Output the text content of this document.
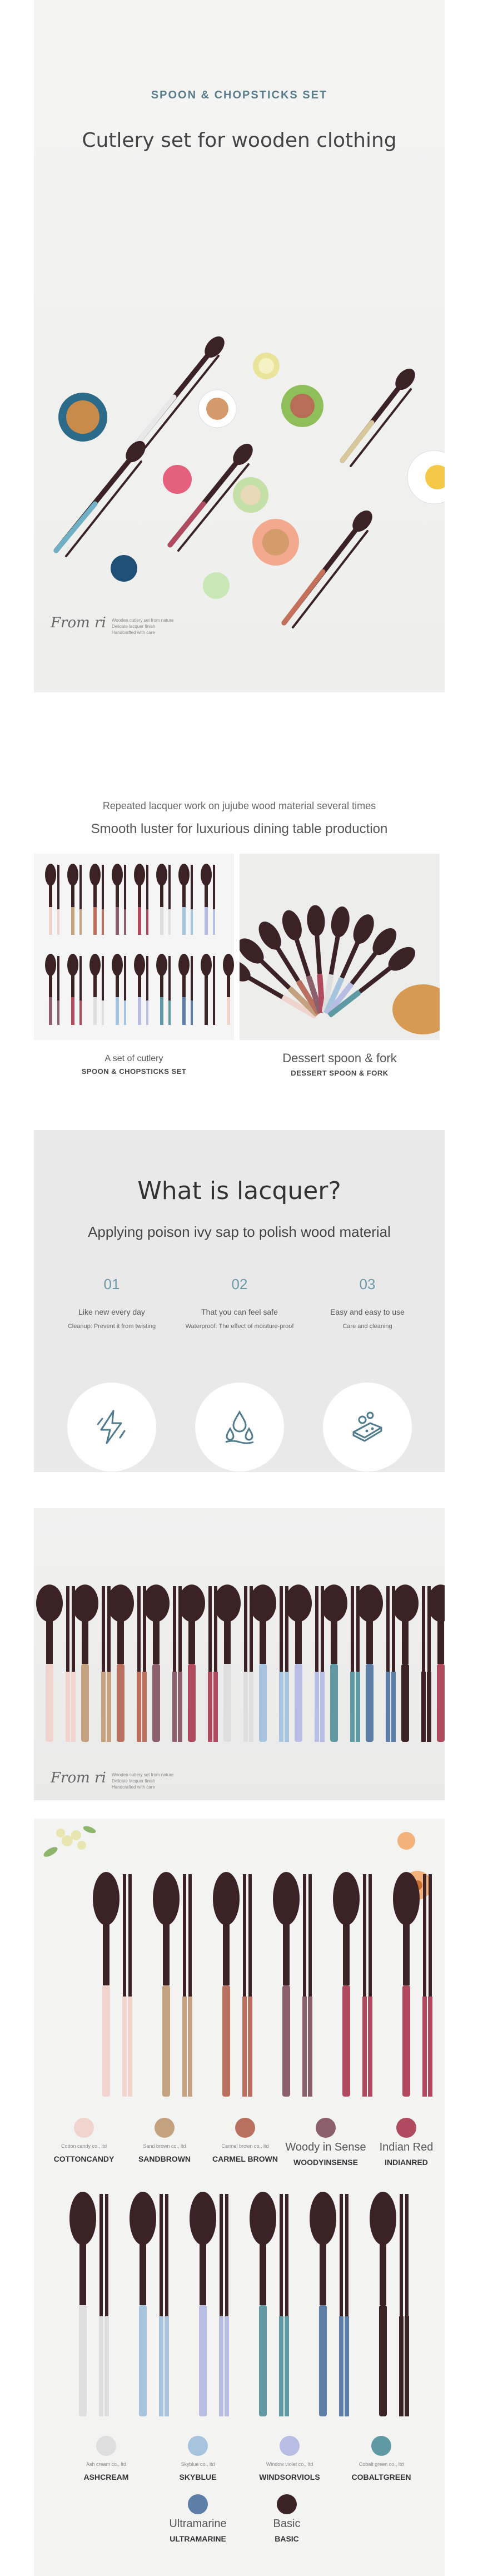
SPOON & CHOPSTICKS SET
Cutlery set for wooden clothing
From ri Wooden cutlery set from nature
Delicate lacquer finish
Handcrafted with care
Repeated lacquer work on jujube wood material several times
Smooth luster for luxurious dining table production
A set of cutlery
SPOON & CHOPSTICKS SET
Dessert spoon & fork
DESSERT SPOON & FORK
What is lacquer?
Applying poison ivy sap to polish wood material
01
Like new every day
Cleanup: Prevent it from twisting
02
That you can feel safe
Waterproof: The effect of moisture-proof
03
Easy and easy to use
Care and cleaning
From ri Wooden cutlery set from nature
Delicate lacquer finish
Handcrafted with care
Cotton candy co., ltd
COTTONCANDY
Sand brown co., ltd
SANDBROWN
Carmel brown co., ltd
CARMEL BROWN
Woody in Sense
WOODYINSENSE
Indian Red
INDIANRED
Ash cream co., ltd
ASHCREAM
Skyblue co., ltd
SKYBLUE
Window violet co., ltd
WINDSORVIOLS
Cobalt green co., ltd
COBALTGREEN
Ultramarine
ULTRAMARINE
Basic
BASIC
